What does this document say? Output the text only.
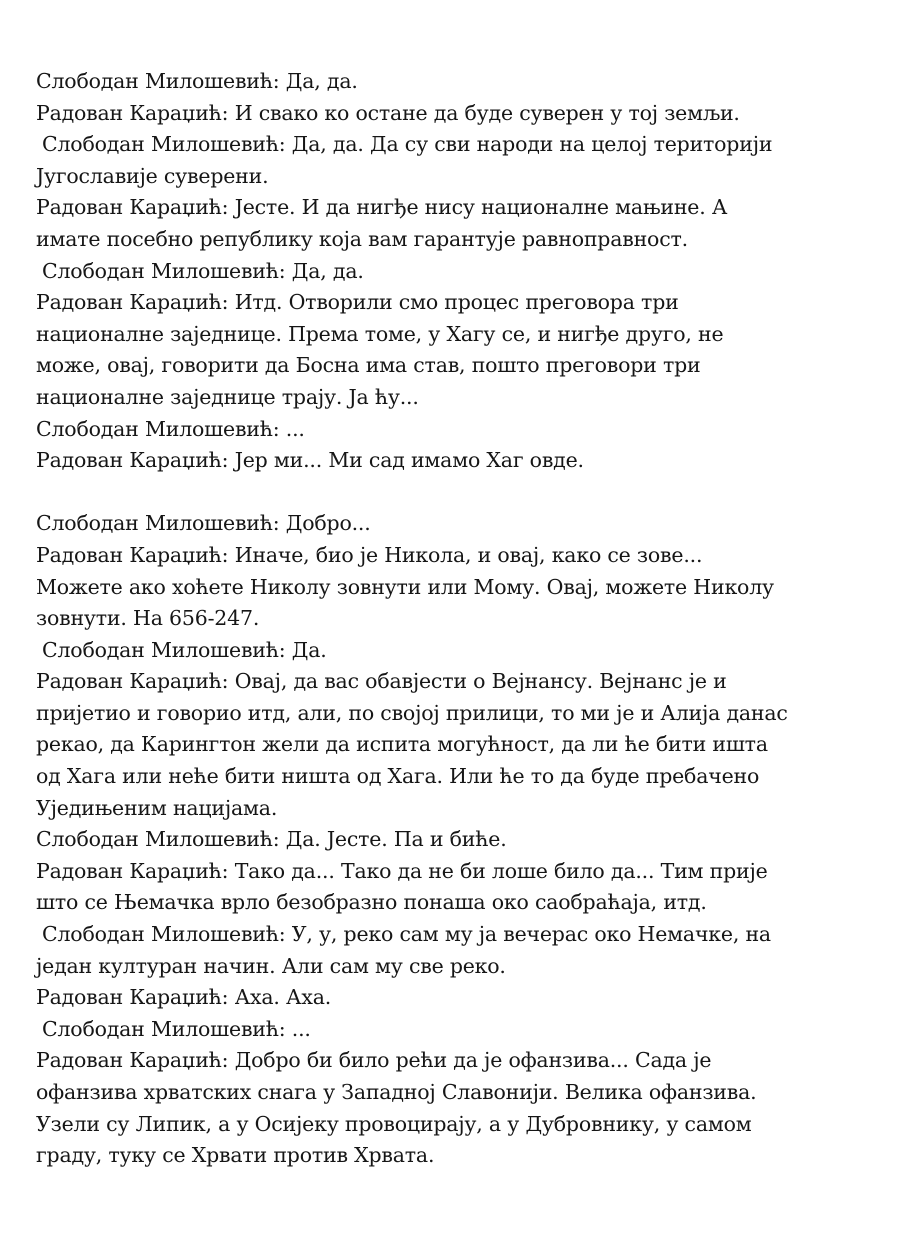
Слободан Милошевић: Да, да.
Радован Караџић: И свако ко остане да буде суверен у тој земљи.
Слободан Милошевић: Да, да. Да су сви народи на целој територији
Југославије суверени.
Радован Караџић: Јесте. И да нигђе нису националне мањине. А
имате посебно републику која вам гарантује равноправност.
Слободан Милошевић: Да, да.
Радован Караџић: Итд. Отворили смо процес преговора три
националне заједнице. Према томе, у Хагу се, и нигђе друго, не
може, овај, говорити да Босна има став, пошто преговори три
националне заједнице трају. Ја ћу...
Слободан Милошевић: ...
Радован Караџић: Јер ми... Ми сад имамо Хаг овде.
Слободан Милошевић: Добро...
Радован Караџић: Иначе, био је Никола, и овај, како се зове...
Можете ако хоћете Николу зовнути или Мому. Овај, можете Николу
зовнути. На 656-247.
Слободан Милошевић: Да.
Радован Караџић: Овај, да вас обавјести о Вејнансу. Вејнанс је и
пријетио и говорио итд, али, по својој прилици, то ми је и Алија данас
рекао, да Карингтон жели да испита могућност, да ли ће бити ишта
од Хага или неће бити ништа од Хага. Или ће то да буде пребачено
Уједињеним нацијама.
Слободан Милошевић: Да. Јесте. Па и биће.
Радован Караџић: Тако да... Тако да не би лоше било да... Тим прије
што се Њемачка врло безобразно понаша око саобраћаја, итд.
Слободан Милошевић: У, у, реко сам му ја вечерас око Немачке, на
један културан начин. Али сам му све реко.
Радован Караџић: Аха. Аха.
Слободан Милошевић: ...
Радован Караџић: Добро би било рећи да је офанзива... Сада је
офанзива хрватских снага у Западној Славонији. Велика офанзива.
Узели су Липик, а у Осијеку провоцирају, а у Дубровнику, у самом
граду, туку се Хрвати против Хрвата.
